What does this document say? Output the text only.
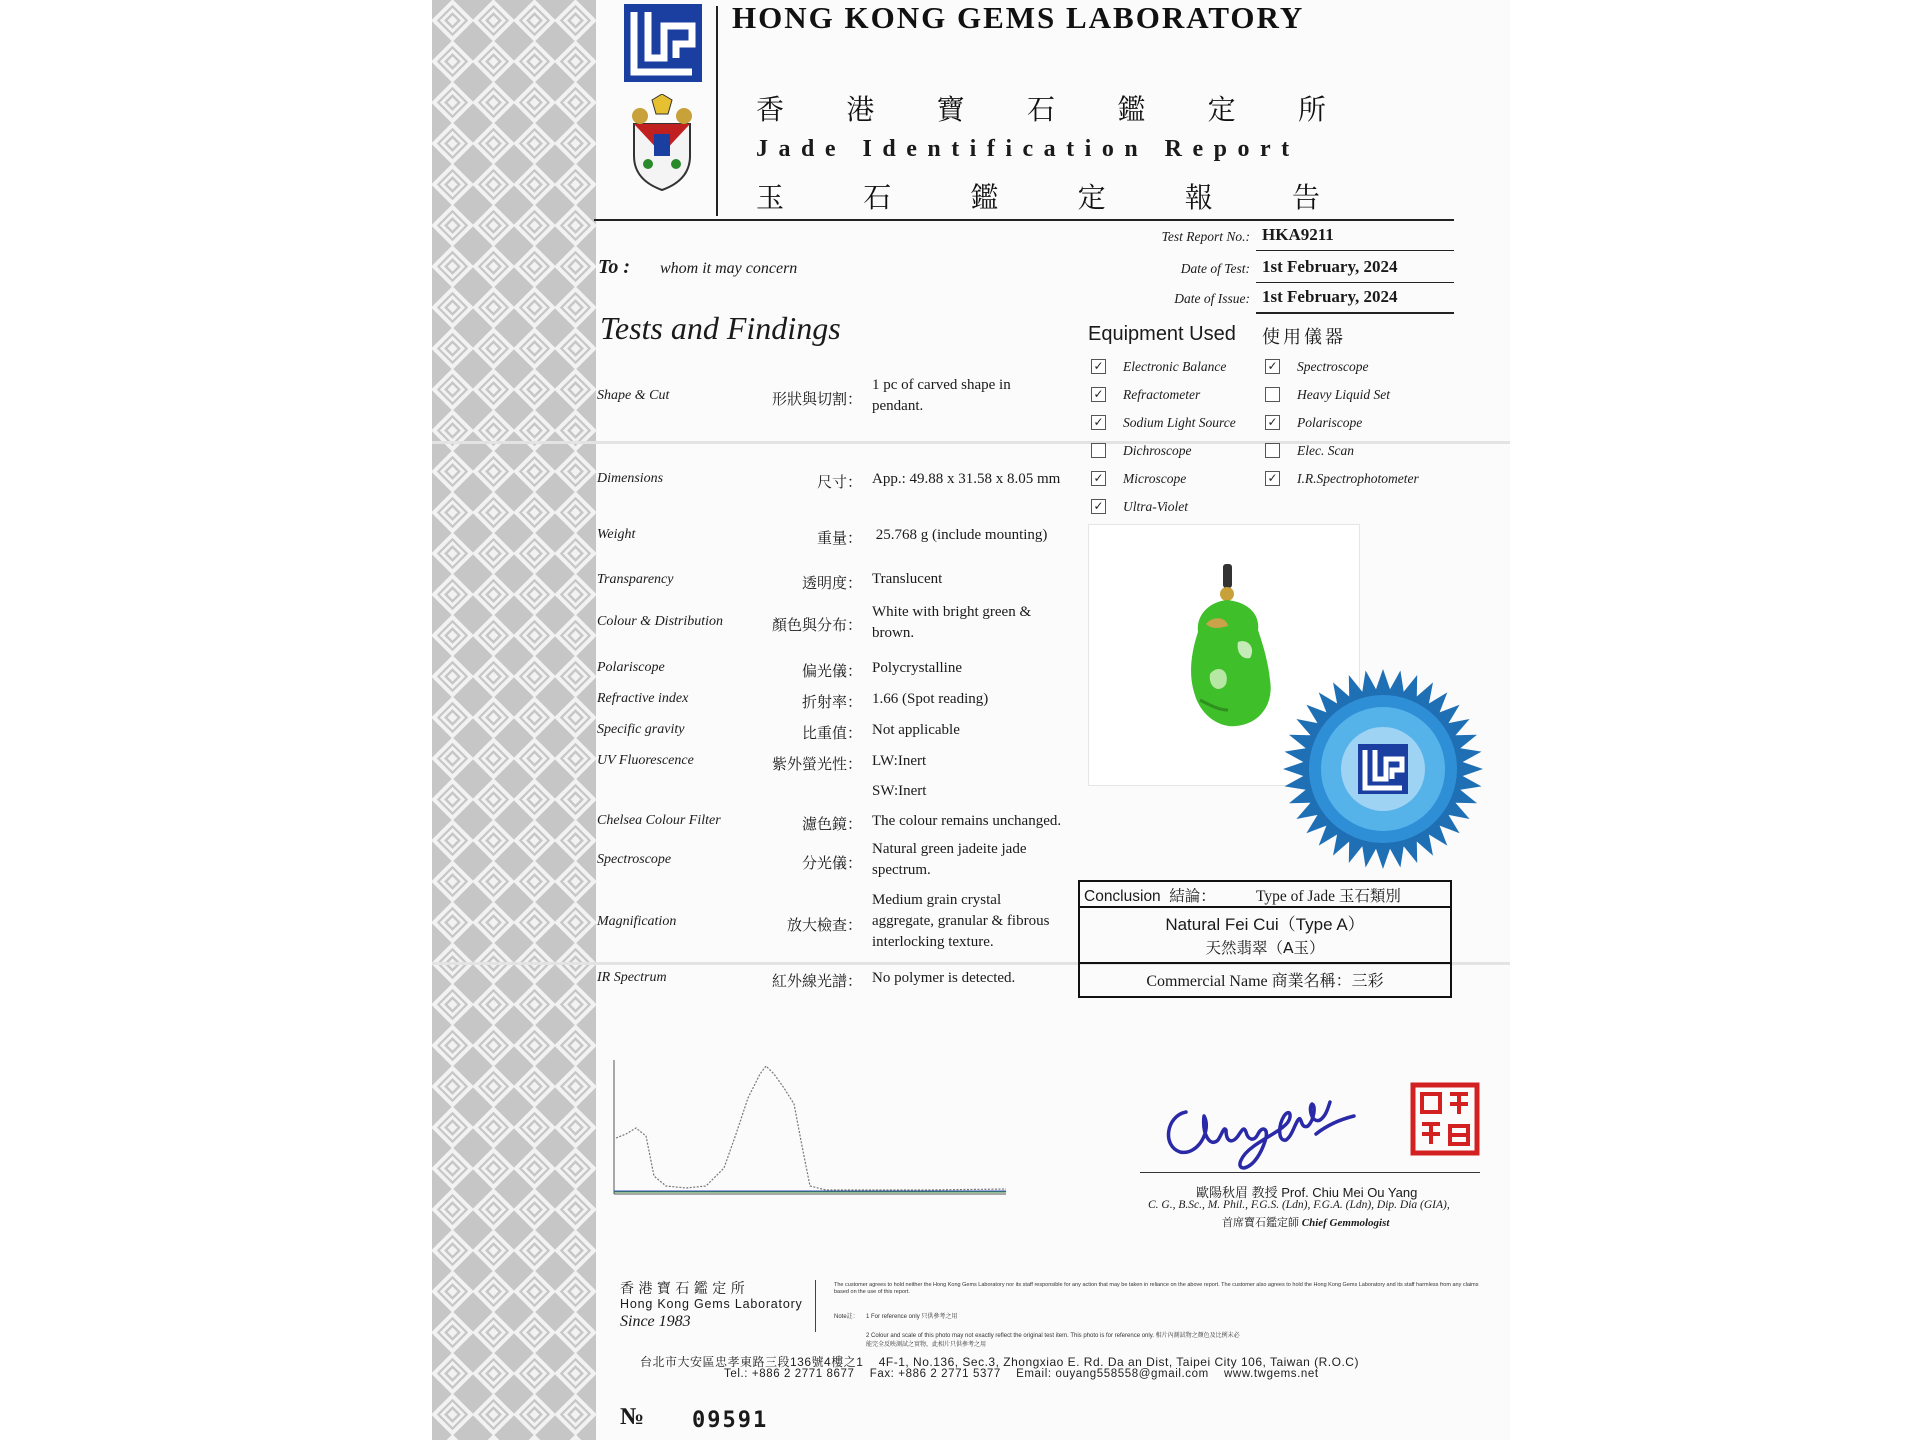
HONG KONG GEMS LABORATORY
香 港 寶 石 鑑 定 所
Jade Identification Report
玉	石	鑑	定	報	告
Test Report No.: HKA9211
Date of Test: 1st February, 2024
Date of Issue: 1st February, 2024
To : whom it may concern
Tests and Findings
Shape & Cut	形狀與切割：
1 pc of carved shape in pendant.
Dimensions	尺寸： App.: 49.88 x 31.58 x 8.05 mm
Weight	重量： 25.768 g (include mounting)
Transparency	透明度： Translucent
Colour & Distribution	顏色與分布：
White with bright green & brown.
Polariscope	偏光儀： Polycrystalline
Refractive index	折射率： 1.66 (Spot reading)
Specific gravity	比重值： Not applicable
UV Fluorescence	紫外螢光性： LW:Inert
SW:Inert
Chelsea Colour Filter	濾色鏡： The colour remains unchanged.
Spectroscope	分光儀：
Natural green jadeite jade spectrum.
Magnification	放大檢查：
Medium grain crystal aggregate, granular & fibrous interlocking texture.
IR Spectrum	紅外線光譜： No polymer is detected.
Equipment Used 使用儀器
✓ Electronic Balance	✓ Spectroscope
✓ Refractometer	Heavy Liquid Set
✓ Sodium Light Source	✓ Polariscope
Dichroscope	Elec. Scan
✓ Microscope	✓ I.R.Spectrophotometer
✓ Ultra-Violet
Conclusion  結論：	Type of Jade 玉石類別
Natural Fei Cui（Type A）
天然翡翠（A玉）
Commercial Name 商業名稱：三彩
歐陽秋眉 教授 Prof. Chiu Mei Ou Yang
C. G., B.Sc., M. Phil., F.G.S. (Ldn), F.G.A. (Ldn), Dip. Dia (GIA),
首席寶石鑑定師 Chief Gemmologist
香 港 寶 石 鑑 定 所
Hong Kong Gems Laboratory
Since 1983
The customer agrees to hold neither the Hong Kong Gems Laboratory nor its staff responsible for any action that may be taken in reliance on the above report. The customer also agrees to hold the Hong Kong Gems Laboratory and its staff harmless from any claims based on the use of this report.
Note註： 1 For reference only 只供參考之用
2 Colour and scale of this photo may not exactly reflect the original test item. This photo is for reference only. 相片內測試物之顏色及比例未必
能完全反映測試之實物，此相片只供參考之用
台北市大安區忠孝東路三段136號4樓之1    4F-1, No.136, Sec.3, Zhongxiao E. Rd. Da an Dist, Taipei City 106, Taiwan (R.O.C)
Tel.: +886 2 2771 8677    Fax: +886 2 2771 5377    Email: ouyang558558@gmail.com    www.twgems.net
№ 09591
